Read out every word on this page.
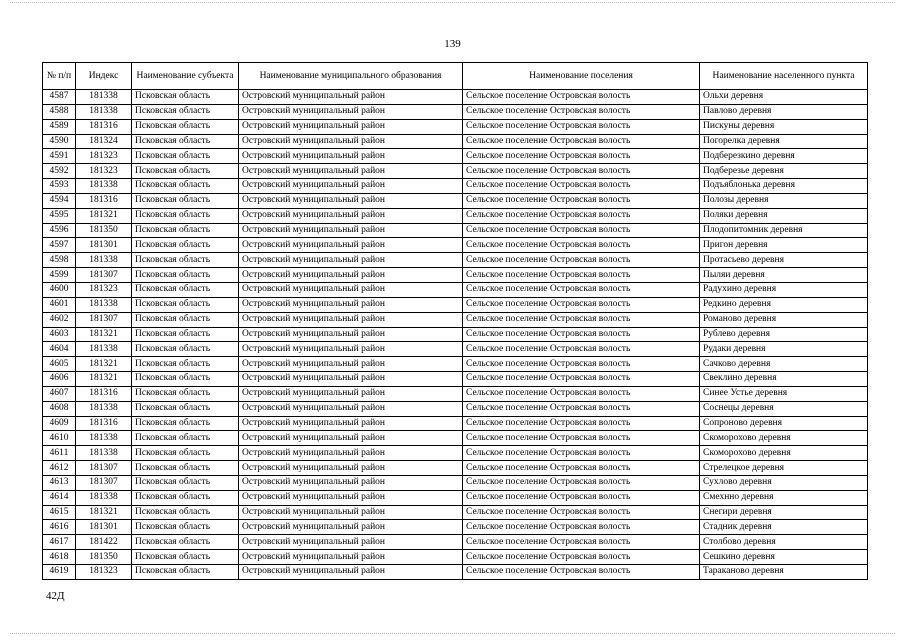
139
№ п/п	Индекс	Наименование субъекта	Наименование муниципального образования	Наименование поселения	Наименование населенного пункта
4587	181338	Псковская область	Островский муниципальный район	Сельское поселение Островская волость	Ольхи деревня
4588	181338	Псковская область	Островский муниципальный район	Сельское поселение Островская волость	Павлово деревня
4589	181316	Псковская область	Островский муниципальный район	Сельское поселение Островская волость	Пискуны деревня
4590	181324	Псковская область	Островский муниципальный район	Сельское поселение Островская волость	Погорелка деревня
4591	181323	Псковская область	Островский муниципальный район	Сельское поселение Островская волость	Подберезкино деревня
4592	181323	Псковская область	Островский муниципальный район	Сельское поселение Островская волость	Подберезье деревня
4593	181338	Псковская область	Островский муниципальный район	Сельское поселение Островская волость	Подъяблонька деревня
4594	181316	Псковская область	Островский муниципальный район	Сельское поселение Островская волость	Полозы деревня
4595	181321	Псковская область	Островский муниципальный район	Сельское поселение Островская волость	Поляки деревня
4596	181350	Псковская область	Островский муниципальный район	Сельское поселение Островская волость	Плодопитомник деревня
4597	181301	Псковская область	Островский муниципальный район	Сельское поселение Островская волость	Пригон деревня
4598	181338	Псковская область	Островский муниципальный район	Сельское поселение Островская волость	Протасьево деревня
4599	181307	Псковская область	Островский муниципальный район	Сельское поселение Островская волость	Пыляи деревня
4600	181323	Псковская область	Островский муниципальный район	Сельское поселение Островская волость	Радухино деревня
4601	181338	Псковская область	Островский муниципальный район	Сельское поселение Островская волость	Редкино деревня
4602	181307	Псковская область	Островский муниципальный район	Сельское поселение Островская волость	Романово деревня
4603	181321	Псковская область	Островский муниципальный район	Сельское поселение Островская волость	Рублево деревня
4604	181338	Псковская область	Островский муниципальный район	Сельское поселение Островская волость	Рудаки деревня
4605	181321	Псковская область	Островский муниципальный район	Сельское поселение Островская волость	Сачково деревня
4606	181321	Псковская область	Островский муниципальный район	Сельское поселение Островская волость	Свеклино деревня
4607	181316	Псковская область	Островский муниципальный район	Сельское поселение Островская волость	Синее Устье деревня
4608	181338	Псковская область	Островский муниципальный район	Сельское поселение Островская волость	Соснецы деревня
4609	181316	Псковская область	Островский муниципальный район	Сельское поселение Островская волость	Сопроново деревня
4610	181338	Псковская область	Островский муниципальный район	Сельское поселение Островская волость	Скоморохово деревня
4611	181338	Псковская область	Островский муниципальный район	Сельское поселение Островская волость	Скоморохово деревня
4612	181307	Псковская область	Островский муниципальный район	Сельское поселение Островская волость	Стрелецкое деревня
4613	181307	Псковская область	Островский муниципальный район	Сельское поселение Островская волость	Сухлово деревня
4614	181338	Псковская область	Островский муниципальный район	Сельское поселение Островская волость	Смехнно деревня
4615	181321	Псковская область	Островский муниципальный район	Сельское поселение Островская волость	Снегири деревня
4616	181301	Псковская область	Островский муниципальный район	Сельское поселение Островская волость	Стадник деревня
4617	181422	Псковская область	Островский муниципальный район	Сельское поселение Островская волость	Столбово деревня
4618	181350	Псковская область	Островский муниципальный район	Сельское поселение Островская волость	Сешкино деревня
4619	181323	Псковская область	Островский муниципальный район	Сельское поселение Островская волость	Тараканово деревня
42Д
